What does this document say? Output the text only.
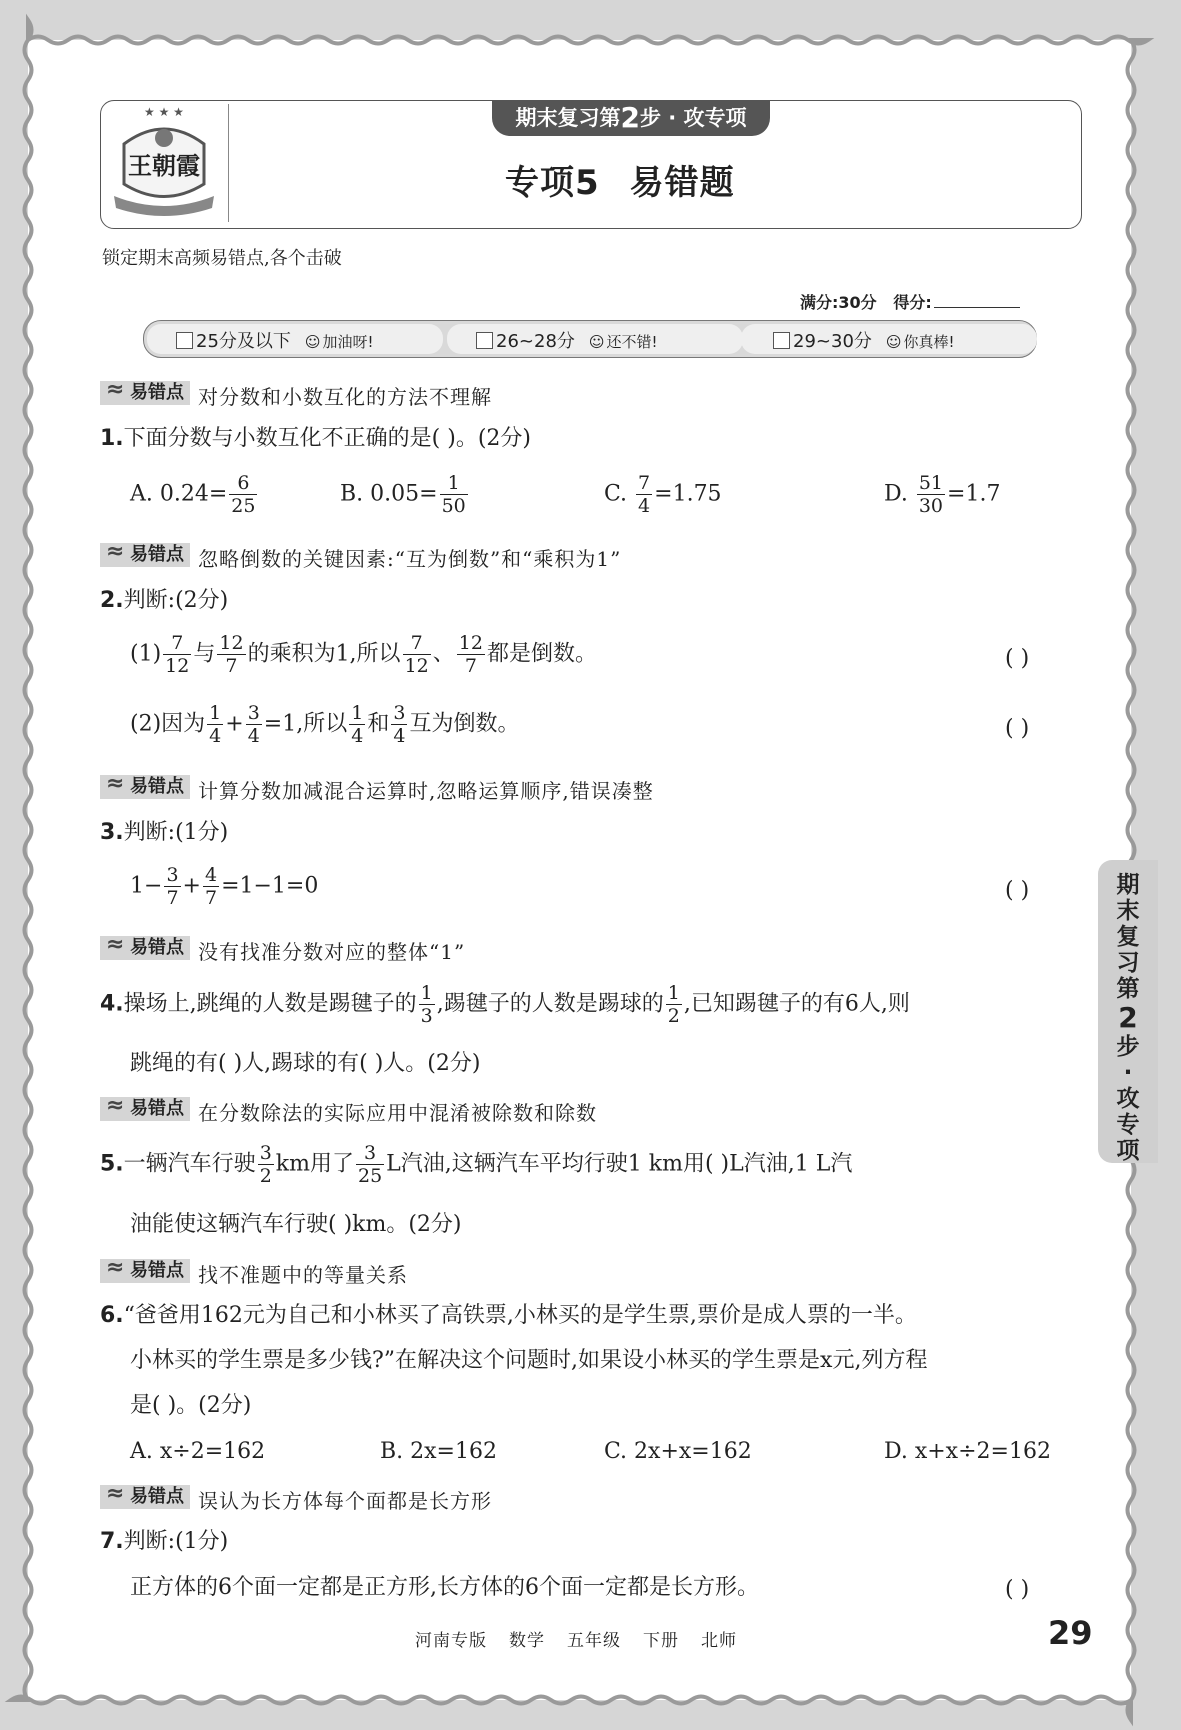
★ ★ ★
王朝霞
期末复习第2步 · 攻专项
专项5 易错题
锁定期末高频易错点,各个击破
满分:30分 得分:
25分及以下 ☺ 加油呀!	26~28分 ☺ 还不错!	29~30分 ☺ 你真棒!
≈ 易错点 对分数和小数互化的方法不理解
1.下面分数与小数互化不正确的是( )。(2分)
A. $0.24= \frac{6}{25}$	B. $0.05= \frac{1}{50}$	C. $\frac{7}{4} =1.75$	D. $\frac{51}{30} =1.7$
≈ 易错点 忽略倒数的关键因素:“互为倒数”和“乘积为1”
2.判断:(2分)
$(1) \frac{7}{12}$ 与 $\frac{12}{7}$ 的乘积为1,所以 $\frac{7}{12}$ 、 $\frac{12}{7}$ 都是倒数。	( )
(2)因为 $\frac{1}{4} + \frac{3}{4} =1$,所以 $\frac{1}{4}$ 和 $\frac{3}{4}$ 互为倒数。	( )
≈ 易错点 计算分数加减混合运算时,忽略运算顺序,错误凑整
3.判断:(1分)
$1- \frac{3}{7} + \frac{4}{7} =1-1=0$	( )
≈ 易错点 没有找准分数对应的整体“1”
4.操场上,跳绳的人数是踢毽子的 $\frac{1}{3}$ ,踢毽子的人数是踢球的 $\frac{1}{2}$ ,已知踢毽子的有6人,则
跳绳的有( )人,踢球的有( )人。(2分)
≈ 易错点 在分数除法的实际应用中混淆被除数和除数
5.一辆汽车行驶 $\frac{3}{2}$ km用了 $\frac{3}{25}$ L汽油,这辆汽车平均行驶1 km用( )L汽油,1 L汽
油能使这辆汽车行驶( )km。(2分)
≈ 易错点 找不准题中的等量关系
6.“爸爸用162元为自己和小林买了高铁票,小林买的是学生票,票价是成人票的一半。
小林买的学生票是多少钱?”在解决这个问题时,如果设小林买的学生票是x元,列方程
是( )。(2分)
A. x÷2=162	B. 2x=162	C. 2x+x=162	D. x+x÷2=162
≈ 易错点 误认为长方体每个面都是长方形
7.判断:(1分)
正方体的6个面一定都是正方形,长方体的6个面一定都是长方形。	( )
期
末
复
习
第
2
步
·
攻
专
项
河南专版 数学 五年级 下册 北师	29
